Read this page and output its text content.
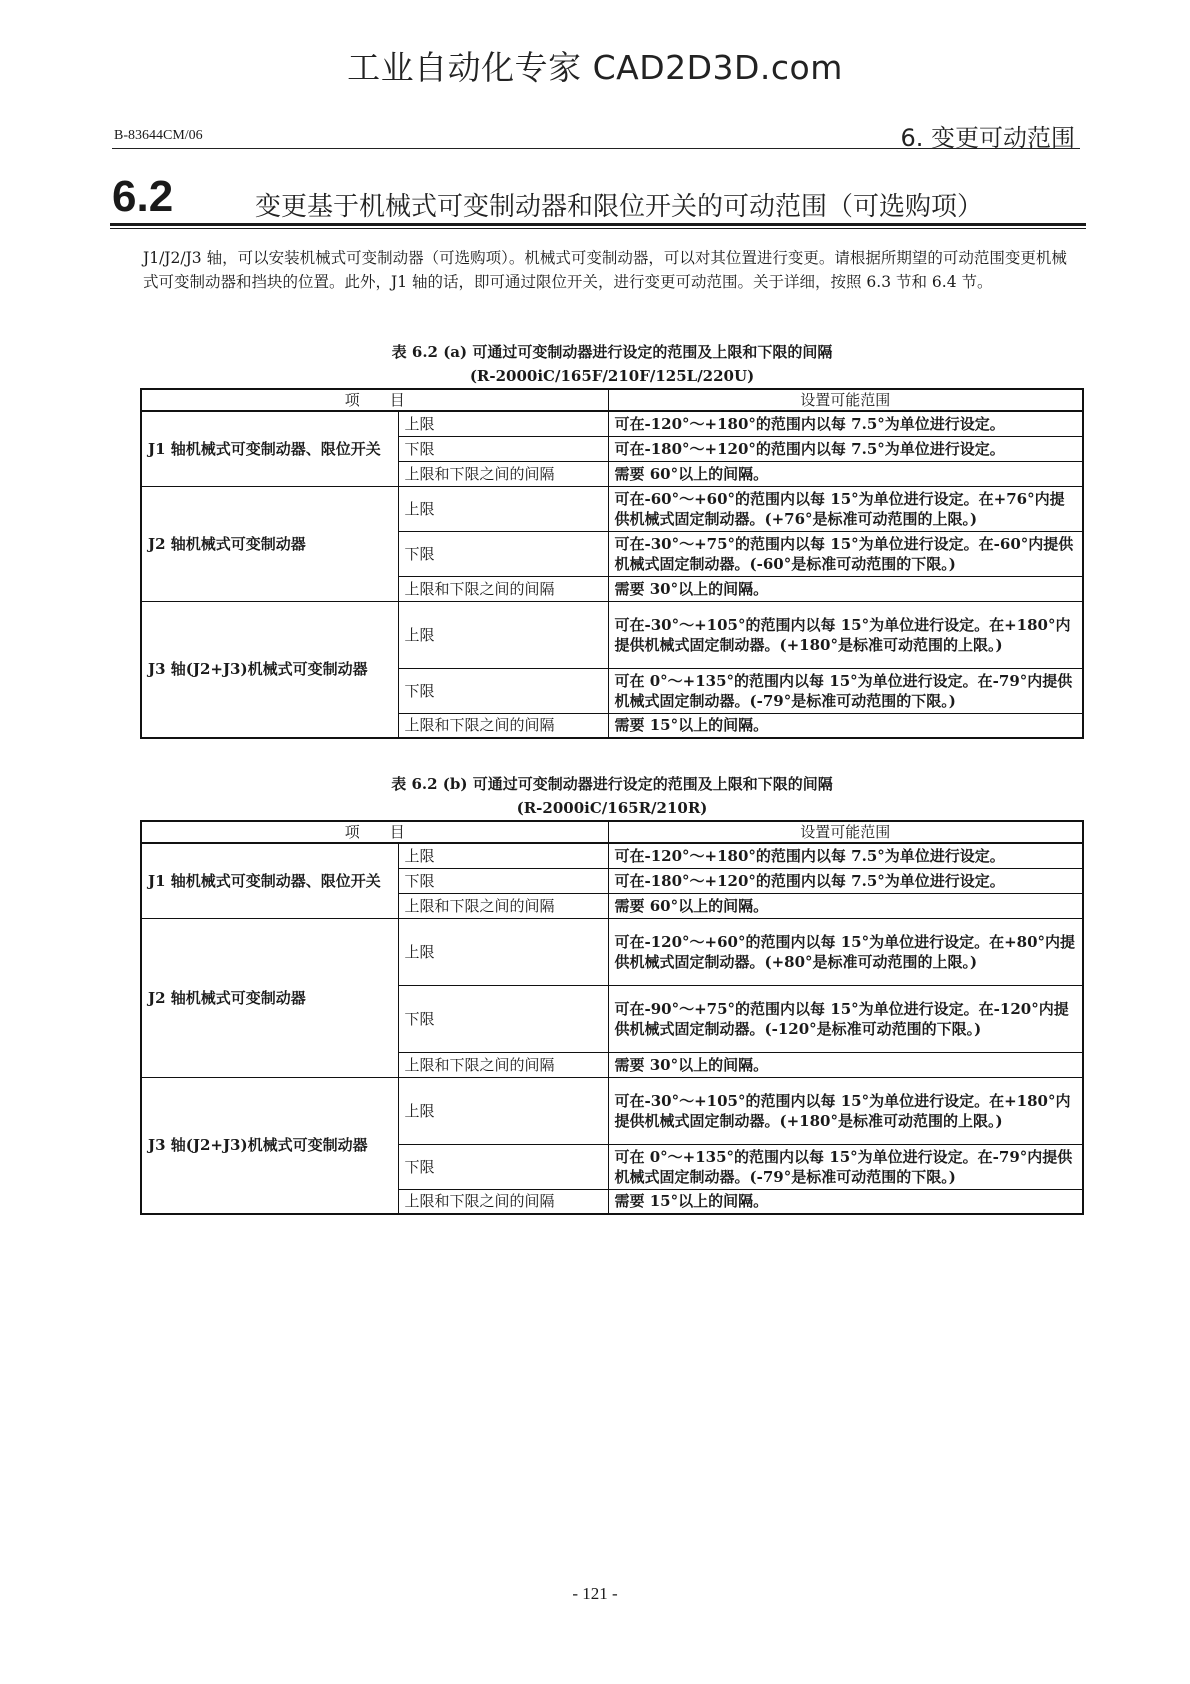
工业自动化专家 CAD2D3D.com
B-83644CM/06	6. 变更可动范围
6.2	变更基于机械式可变制动器和限位开关的可动范围（可选购项）

J1/J2/J3 轴，可以安装机械式可变制动器（可选购项）。机械式可变制动器，可以对其位置进行变更。请根据所期望的可动范围变更机械式可变制动器和挡块的位置。此外，J1 轴的话，即可通过限位开关，进行变更可动范围。关于详细，按照 6.3 节和 6.4 节。

表 6.2 (a) 可通过可变制动器进行设定的范围及上限和下限的间隔
(R-2000iC/165F/210F/125L/220U)
项　　目		设置可能范围
J1 轴机械式可变制动器、限位开关	上限	可在-120°～+180°的范围内以每 7.5°为单位进行设定。
	下限	可在-180°～+120°的范围内以每 7.5°为单位进行设定。
	上限和下限之间的间隔	需要 60°以上的间隔。
J2 轴机械式可变制动器	上限	可在-60°～+60°的范围内以每 15°为单位进行设定。在+76°内提供机械式固定制动器。(+76°是标准可动范围的上限。)
	下限	可在-30°～+75°的范围内以每 15°为单位进行设定。在-60°内提供机械式固定制动器。(-60°是标准可动范围的下限。)
	上限和下限之间的间隔	需要 30°以上的间隔。
J3 轴(J2+J3)机械式可变制动器	上限	可在-30°～+105°的范围内以每 15°为单位进行设定。在+180°内提供机械式固定制动器。(+180°是标准可动范围的上限。)
	下限	可在 0°～+135°的范围内以每 15°为单位进行设定。在-79°内提供机械式固定制动器。(-79°是标准可动范围的下限。)
	上限和下限之间的间隔	需要 15°以上的间隔。
表 6.2 (b) 可通过可变制动器进行设定的范围及上限和下限的间隔
(R-2000iC/165R/210R)
项　　目		设置可能范围
J1 轴机械式可变制动器、限位开关	上限	可在-120°～+180°的范围内以每 7.5°为单位进行设定。
	下限	可在-180°～+120°的范围内以每 7.5°为单位进行设定。
	上限和下限之间的间隔	需要 60°以上的间隔。
J2 轴机械式可变制动器	上限	可在-120°～+60°的范围内以每 15°为单位进行设定。在+80°内提供机械式固定制动器。(+80°是标准可动范围的上限。)
	下限	可在-90°～+75°的范围内以每 15°为单位进行设定。在-120°内提供机械式固定制动器。(-120°是标准可动范围的下限。)
	上限和下限之间的间隔	需要 30°以上的间隔。
J3 轴(J2+J3)机械式可变制动器	上限	可在-30°～+105°的范围内以每 15°为单位进行设定。在+180°内提供机械式固定制动器。(+180°是标准可动范围的上限。)
	下限	可在 0°～+135°的范围内以每 15°为单位进行设定。在-79°内提供机械式固定制动器。(-79°是标准可动范围的下限。)
	上限和下限之间的间隔	需要 15°以上的间隔。
- 121 -
